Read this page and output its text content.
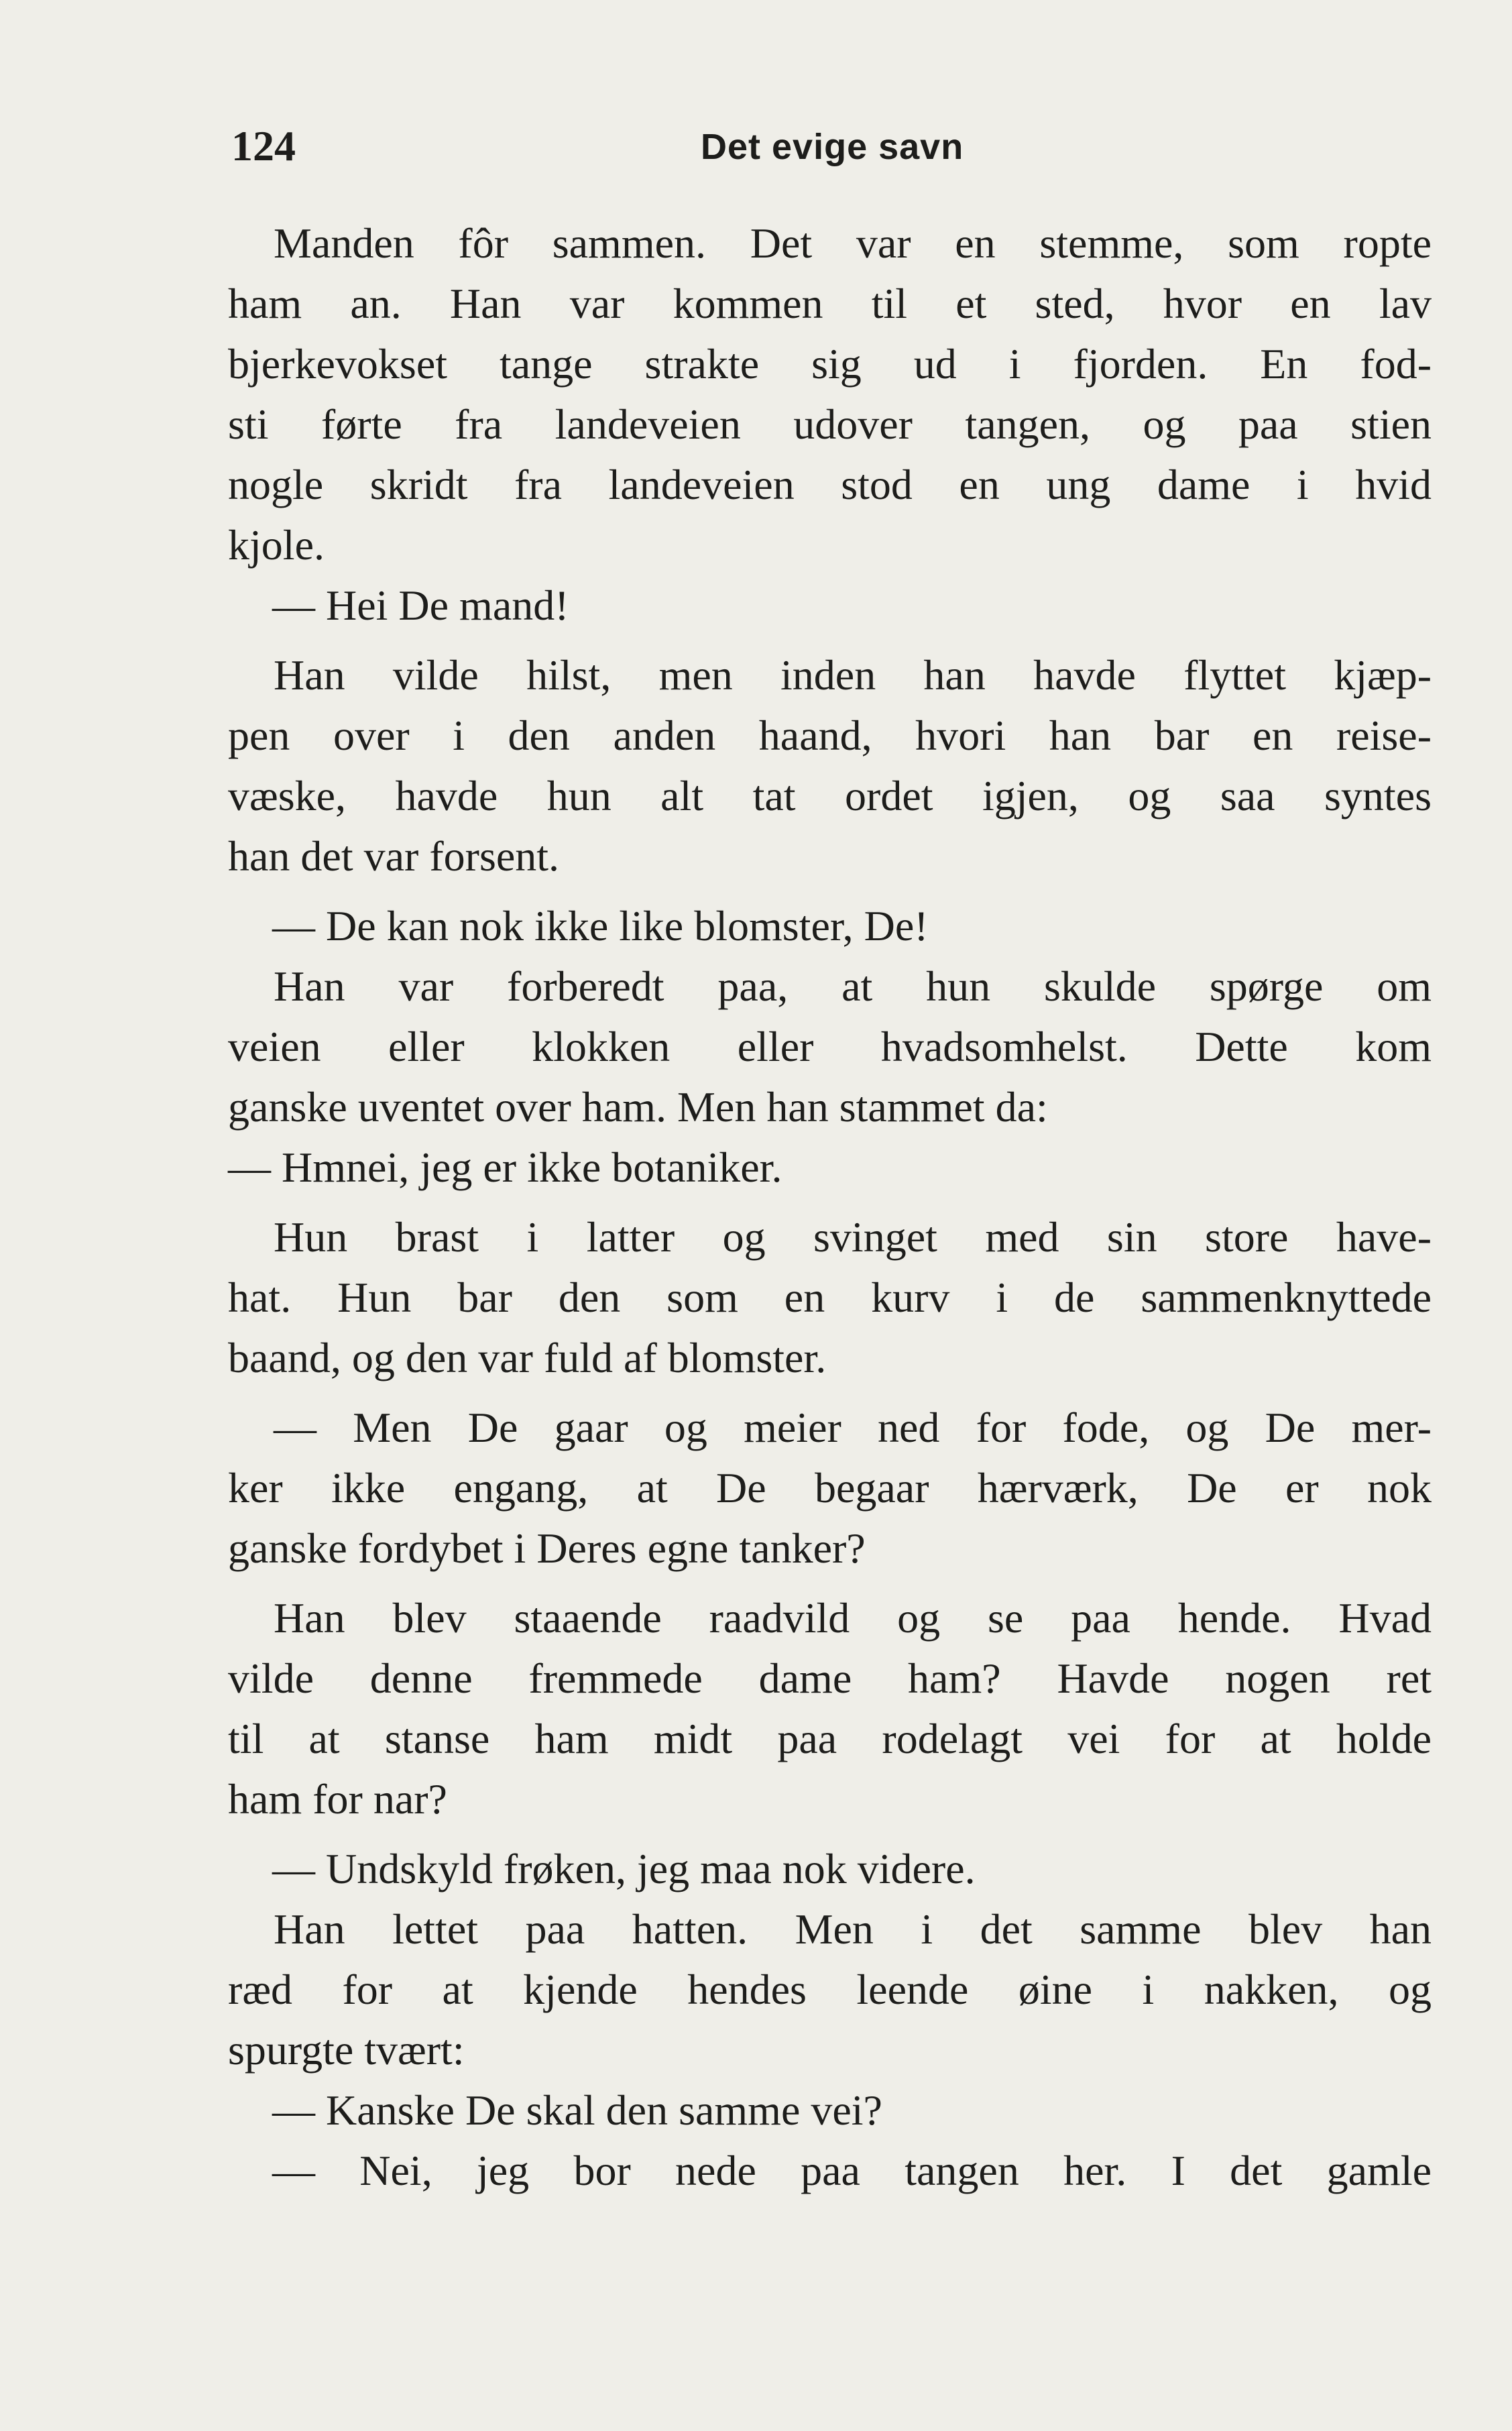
124	Det evige savn
Manden fôr sammen. Det var en stemme, som ropte
ham an. Han var kommen til et sted, hvor en lav
bjerkevokset tange strakte sig ud i fjorden. En fod-
sti førte fra landeveien udover tangen, og paa stien
nogle skridt fra landeveien stod en ung dame i hvid
kjole.
— Hei De mand!
Han vilde hilst, men inden han havde flyttet kjæp-
pen over i den anden haand, hvori han bar en reise-
væske, havde hun alt tat ordet igjen, og saa syntes
han det var forsent.
— De kan nok ikke like blomster, De!
Han var forberedt paa, at hun skulde spørge om
veien eller klokken eller hvadsomhelst. Dette kom
ganske uventet over ham. Men han stammet da:
— Hmnei, jeg er ikke botaniker.
Hun brast i latter og svinget med sin store have-
hat. Hun bar den som en kurv i de sammenknyttede
baand, og den var fuld af blomster.
— Men De gaar og meier ned for fode, og De mer-
ker ikke engang, at De begaar hærværk, De er nok
ganske fordybet i Deres egne tanker?
Han blev staaende raadvild og se paa hende. Hvad
vilde denne fremmede dame ham? Havde nogen ret
til at stanse ham midt paa rodelagt vei for at holde
ham for nar?
— Undskyld frøken, jeg maa nok videre.
Han lettet paa hatten. Men i det samme blev han
ræd for at kjende hendes leende øine i nakken, og
spurgte tvært:
— Kanske De skal den samme vei?
— Nei, jeg bor nede paa tangen her. I det gamle
